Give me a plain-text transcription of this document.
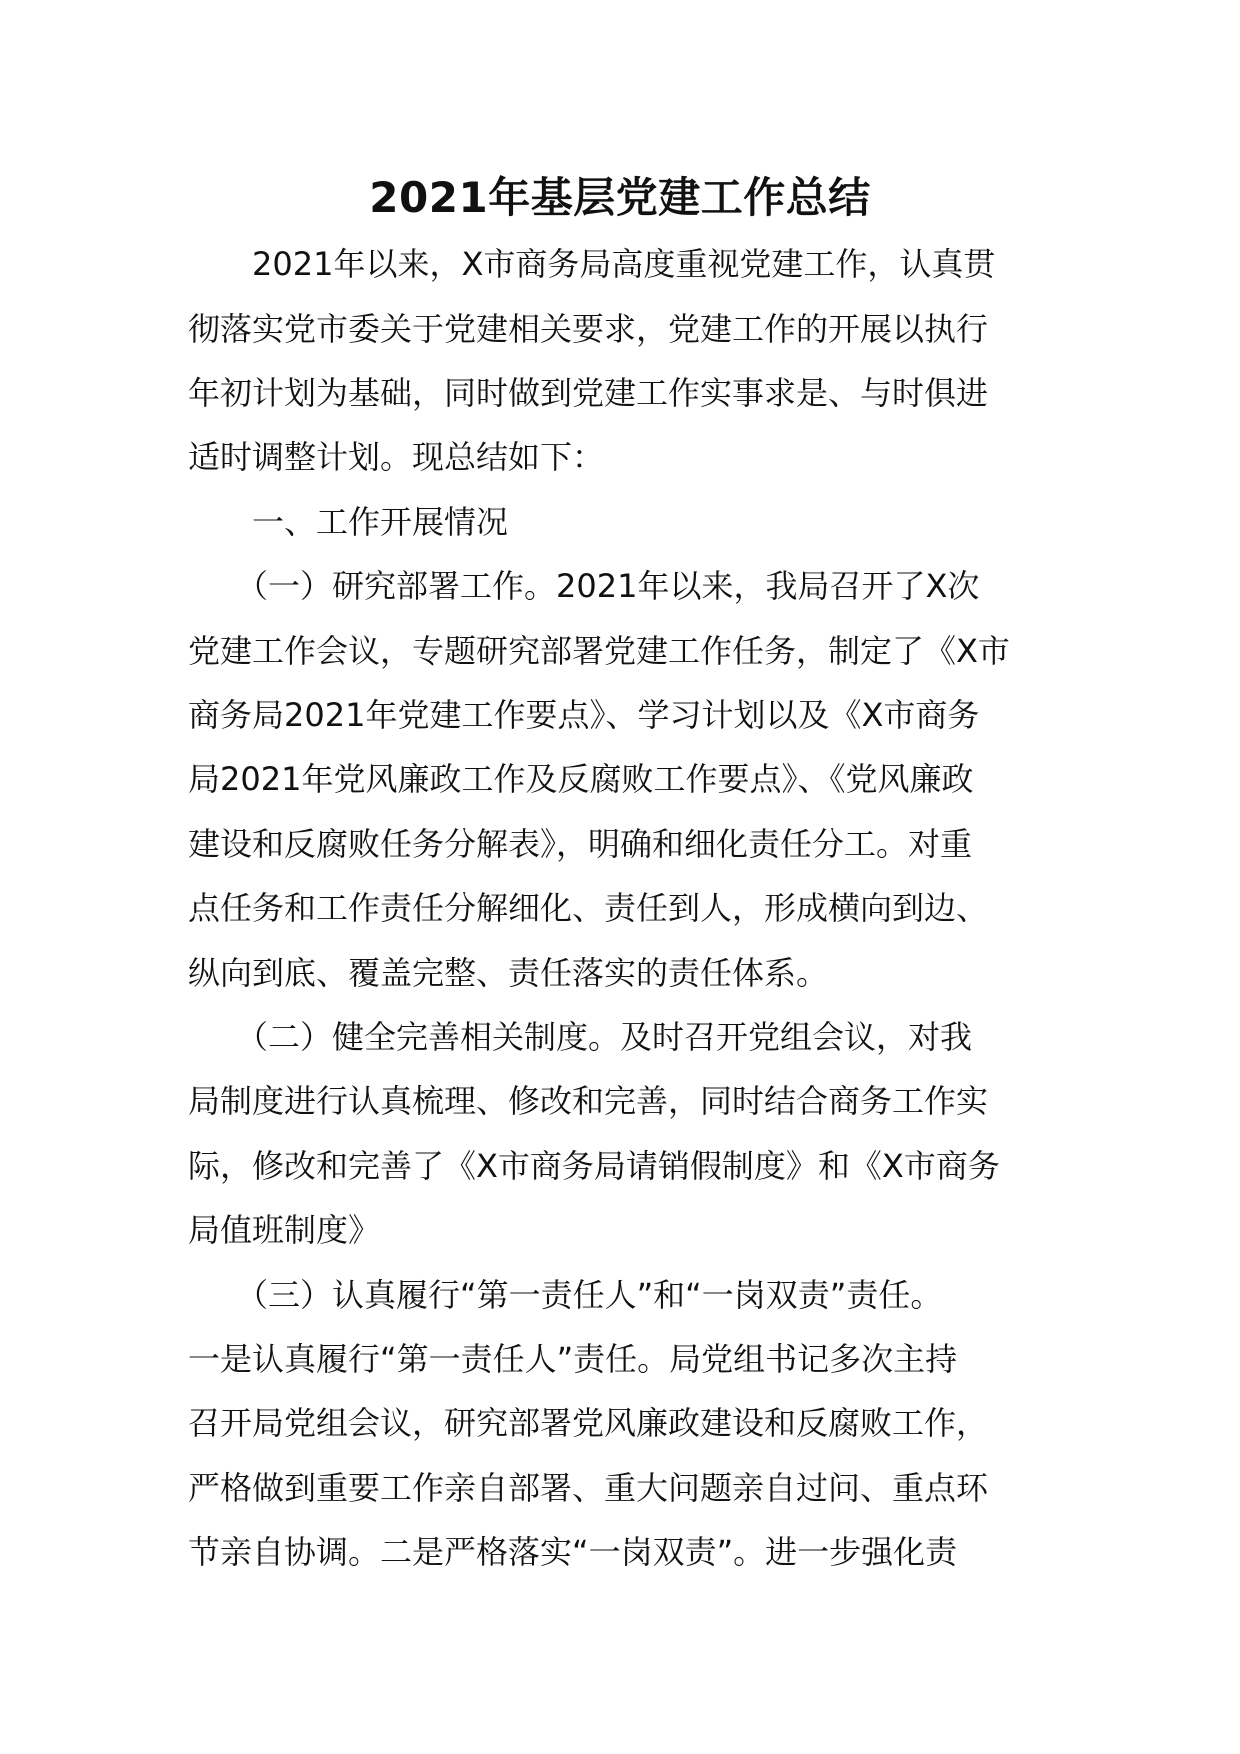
2021年基层党建工作总结
　　2021年以来，X市商务局高度重视党建工作，认真贯
彻落实党市委关于党建相关要求，党建工作的开展以执行
年初计划为基础，同时做到党建工作实事求是、与时俱进
适时调整计划。现总结如下：
　　一、工作开展情况
　　（一）研究部署工作。2021年以来，我局召开了X次
党建工作会议，专题研究部署党建工作任务，制定了《X市
商务局2021年党建工作要点》、学习计划以及《X市商务
局2021年党风廉政工作及反腐败工作要点》、《党风廉政
建设和反腐败任务分解表》，明确和细化责任分工。对重
点任务和工作责任分解细化、责任到人，形成横向到边、
纵向到底、覆盖完整、责任落实的责任体系。
　　（二）健全完善相关制度。及时召开党组会议，对我
局制度进行认真梳理、修改和完善，同时结合商务工作实
际，修改和完善了《X市商务局请销假制度》和《X市商务
局值班制度》
　　（三）认真履行“第一责任人”和“一岗双责”责任。
一是认真履行“第一责任人”责任。局党组书记多次主持
召开局党组会议，研究部署党风廉政建设和反腐败工作，
严格做到重要工作亲自部署、重大问题亲自过问、重点环
节亲自协调。二是严格落实“一岗双责”。进一步强化责
